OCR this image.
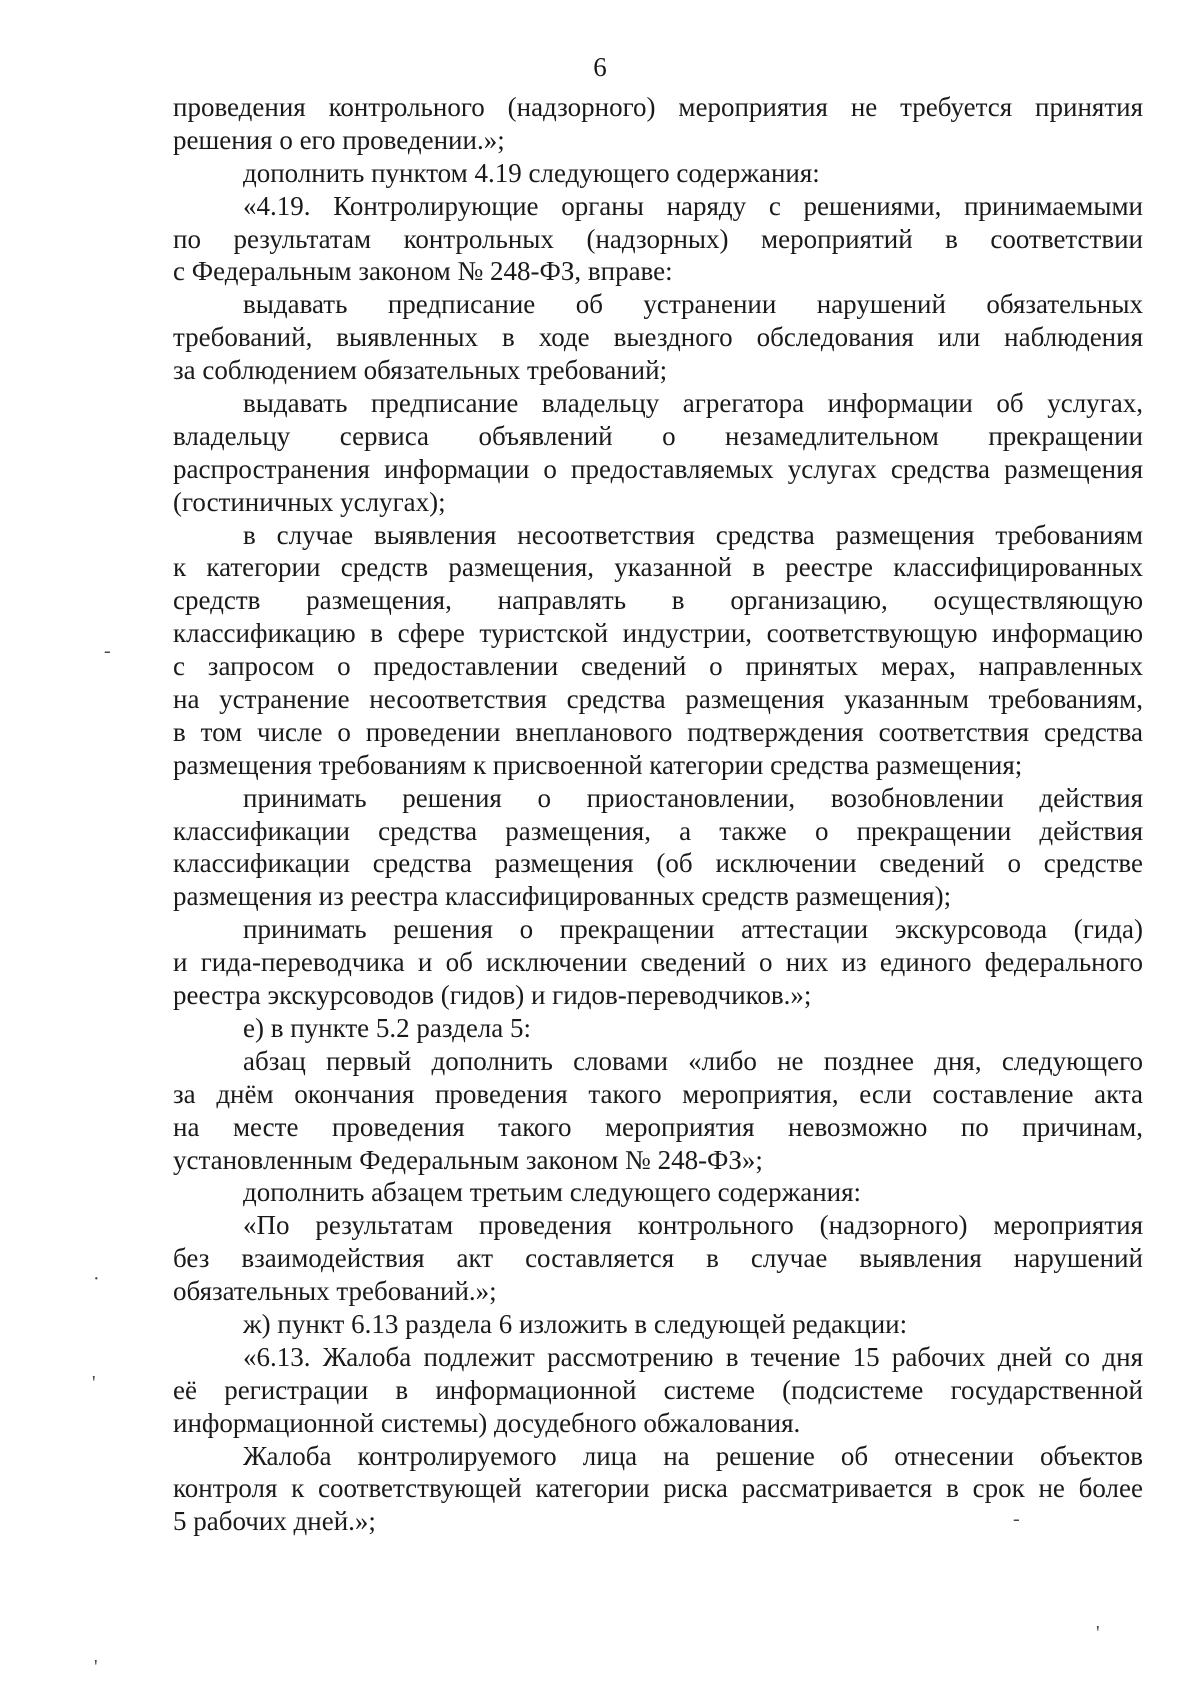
6
проведения контрольного (надзорного) мероприятия не требуется принятия
решения о его проведении.»;
дополнить пунктом 4.19 следующего содержания:
«4.19. Контролирующие органы наряду с решениями, принимаемыми
по результатам контрольных (надзорных) мероприятий в соответствии
с Федеральным законом № 248-ФЗ, вправе:
выдавать предписание об устранении нарушений обязательных
требований, выявленных в ходе выездного обследования или наблюдения
за соблюдением обязательных требований;
выдавать предписание владельцу агрегатора информации об услугах,
владельцу сервиса объявлений о незамедлительном прекращении
распространения информации о предоставляемых услугах средства размещения
(гостиничных услугах);
в случае выявления несоответствия средства размещения требованиям
к категории средств размещения, указанной в реестре классифицированных
средств размещения, направлять в организацию, осуществляющую
классификацию в сфере туристской индустрии, соответствующую информацию
с запросом о предоставлении сведений о принятых мерах, направленных
на устранение несоответствия средства размещения указанным требованиям,
в том числе о проведении внепланового подтверждения соответствия средства
размещения требованиям к присвоенной категории средства размещения;
принимать решения о приостановлении, возобновлении действия
классификации средства размещения, а также о прекращении действия
классификации средства размещения (об исключении сведений о средстве
размещения из реестра классифицированных средств размещения);
принимать решения о прекращении аттестации экскурсовода (гида)
и гида-переводчика и об исключении сведений о них из единого федерального
реестра экскурсоводов (гидов) и гидов-переводчиков.»;
е) в пункте 5.2 раздела 5:
абзац первый дополнить словами «либо не позднее дня, следующего
за днём окончания проведения такого мероприятия, если составление акта
на месте проведения такого мероприятия невозможно по причинам,
установленным Федеральным законом № 248-ФЗ»;
дополнить абзацем третьим следующего содержания:
«По результатам проведения контрольного (надзорного) мероприятия
без взаимодействия акт составляется в случае выявления нарушений
обязательных требований.»;
ж) пункт 6.13 раздела 6 изложить в следующей редакции:
«6.13. Жалоба подлежит рассмотрению в течение 15 рабочих дней со дня
её регистрации в информационной системе (подсистеме государственной
информационной системы) досудебного обжалования.
Жалоба контролируемого лица на решение об отнесении объектов
контроля к соответствующей категории риска рассматривается в срок не более
5 рабочих дней.»;
-
·
'
-
'
'
